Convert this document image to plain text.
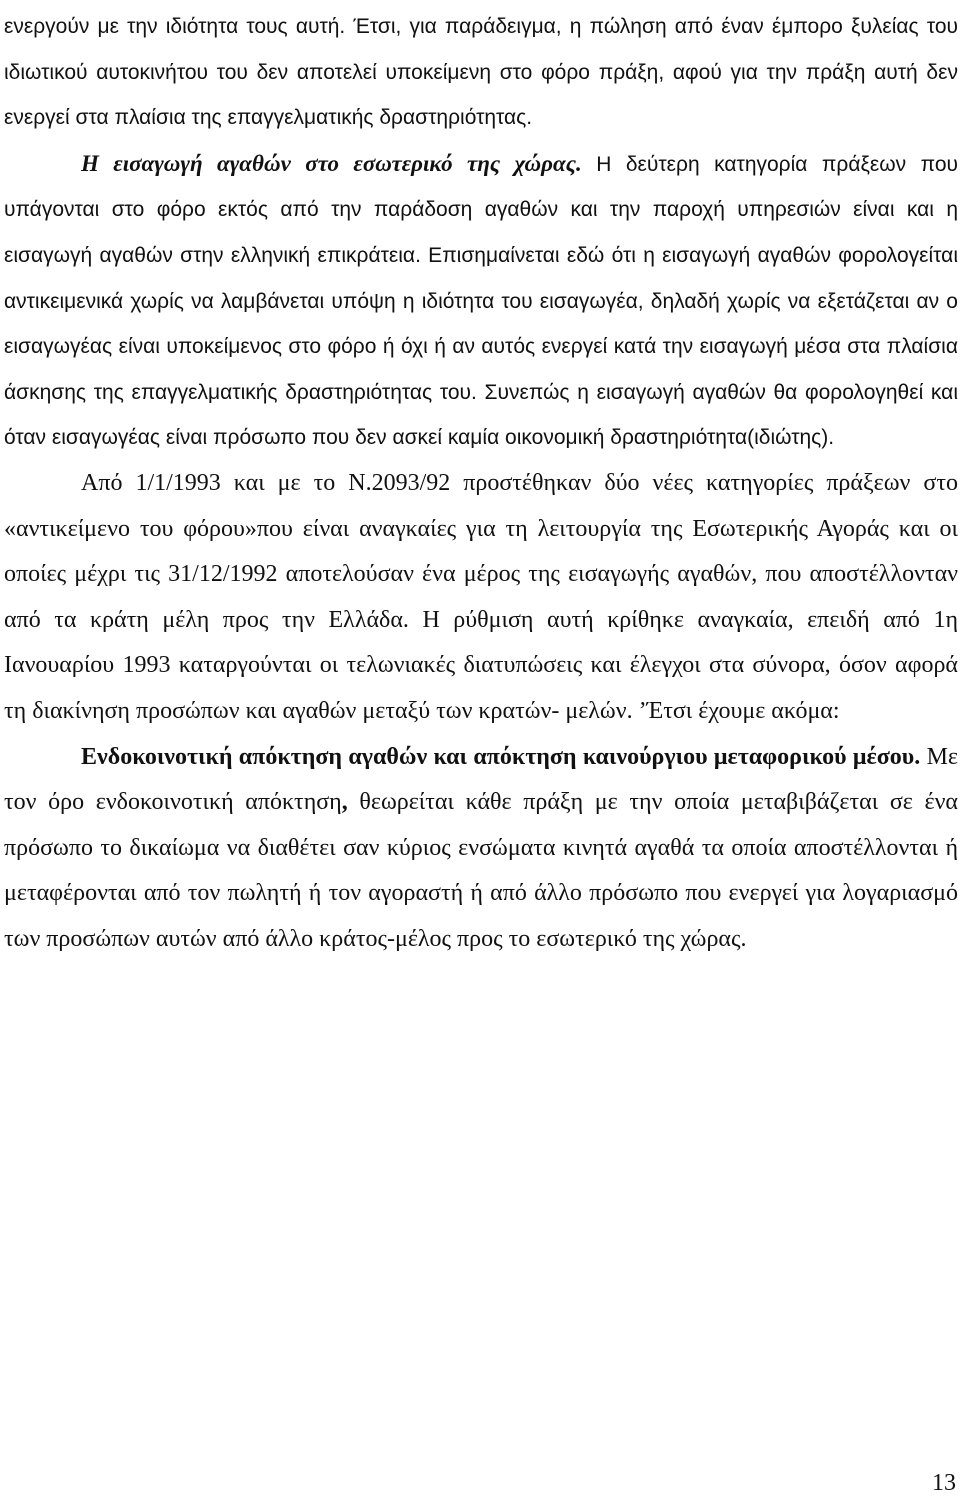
ενεργούν με την ιδιότητα τους αυτή. Έτσι, για παράδειγμα, η πώληση από έναν έμπορο ξυλείας του ιδιωτικού αυτοκινήτου του δεν αποτελεί υποκείμενη στο φόρο πράξη, αφού για την πράξη αυτή δεν ενεργεί στα πλαίσια της επαγγελματικής δραστηριότητας.

Η εισαγωγή αγαθών στο εσωτερικό της χώρας. Η δεύτερη κατηγορία πράξεων που υπάγονται στο φόρο εκτός από την παράδοση αγαθών και την παροχή υπηρεσιών είναι και η εισαγωγή αγαθών στην ελληνική επικράτεια. Επισημαίνεται εδώ ότι η εισαγωγή αγαθών φορολογείται αντικειμενικά χωρίς να λαμβάνεται υπόψη η ιδιότητα του εισαγωγέα, δηλαδή χωρίς να εξετάζεται αν ο εισαγωγέας είναι υποκείμενος στο φόρο ή όχι ή αν αυτός ενεργεί κατά την εισαγωγή μέσα στα πλαίσια άσκησης της επαγγελματικής δραστηριότητας του. Συνεπώς η εισαγωγή αγαθών θα φορολογηθεί και όταν εισαγωγέας είναι πρόσωπο που δεν ασκεί καμία οικονομική δραστηριότητα(ιδιώτης).

Από 1/1/1993 και με το Ν.2093/92 προστέθηκαν δύο νέες κατηγορίες πράξεων στο «αντικείμενο του φόρου»που είναι αναγκαίες για τη λειτουργία της Εσωτερικής Αγοράς και οι οποίες μέχρι τις 31/12/1992 αποτελούσαν ένα μέρος της εισαγωγής αγαθών, που αποστέλλονταν από τα κράτη μέλη προς την Ελλάδα. Η ρύθμιση αυτή κρίθηκε αναγκαία, επειδή από 1η Ιανουαρίου 1993 καταργούνται οι τελωνιακές διατυπώσεις και έλεγχοι στα σύνορα, όσον αφορά τη διακίνηση προσώπων και αγαθών μεταξύ των κρατών- μελών. ’Έτσι έχουμε ακόμα:

Ενδοκοινοτική απόκτηση αγαθών και απόκτηση καινούργιου μεταφορικού μέσου. Με τον όρο ενδοκοινοτική απόκτηση, θεωρείται κάθε πράξη με την οποία μεταβιβάζεται σε ένα πρόσωπο το δικαίωμα να διαθέτει σαν κύριος ενσώματα κινητά αγαθά τα οποία αποστέλλονται ή μεταφέρονται από τον πωλητή ή τον αγοραστή ή από άλλο πρόσωπο που ενεργεί για λογαριασμό των προσώπων αυτών από άλλο κράτος-μέλος προς το εσωτερικό της χώρας.

13
